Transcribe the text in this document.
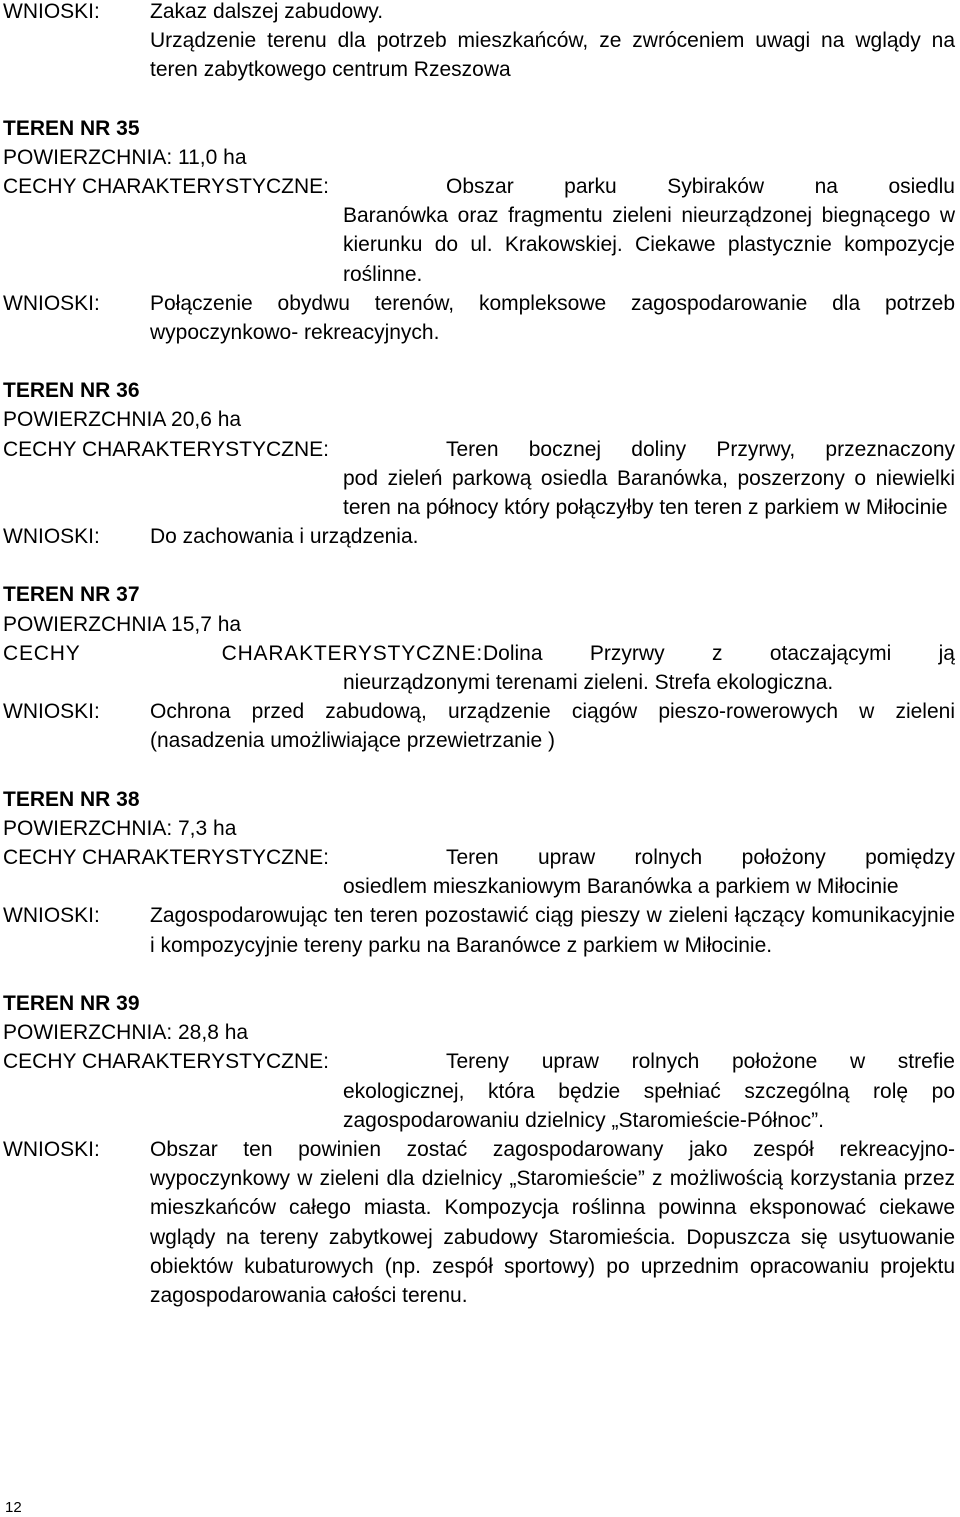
WNIOSKI:	Zakaz dalszej zabudowy.
Urządzenie terenu dla potrzeb mieszkańców, ze zwróceniem uwagi na wglądy na teren zabytkowego centrum Rzeszowa
TEREN NR 35
POWIERZCHNIA: 11,0 ha
CECHY CHARAKTERYSTYCZNE:	Obszar parku Sybiraków na osiedlu
Baranówka oraz fragmentu zieleni nieurządzonej biegnącego w kierunku do ul. Krakowskiej. Ciekawe plastycznie kompozycje roślinne.
WNIOSKI:	Połączenie obydwu terenów, kompleksowe zagospodarowanie dla potrzeb wypoczynkowo- rekreacyjnych.
TEREN NR 36
POWIERZCHNIA 20,6 ha
CECHY CHARAKTERYSTYCZNE:	Teren bocznej doliny Przyrwy, przeznaczony
pod zieleń parkową osiedla Baranówka, poszerzony o niewielki teren na północy który połączyłby ten teren z parkiem w Miłocinie
WNIOSKI:	Do zachowania i urządzenia.
TEREN NR 37
POWIERZCHNIA 15,7 ha
CECHY CHARAKTERYSTYCZNE: Dolina Przyrwy z otaczającymi ją
nieurządzonymi terenami zieleni. Strefa ekologiczna.
WNIOSKI:	Ochrona przed zabudową, urządzenie ciągów pieszo-rowerowych w zieleni (nasadzenia umożliwiające przewietrzanie )
TEREN NR 38
POWIERZCHNIA: 7,3 ha
CECHY CHARAKTERYSTYCZNE:	Teren upraw rolnych położony pomiędzy
osiedlem mieszkaniowym Baranówka a parkiem w Miłocinie
WNIOSKI:	Zagospodarowując ten teren pozostawić ciąg pieszy w zieleni łączący komunikacyjnie i kompozycyjnie tereny parku na Baranówce z parkiem w Miłocinie.
TEREN NR 39
POWIERZCHNIA: 28,8 ha
CECHY CHARAKTERYSTYCZNE:	Tereny upraw rolnych położone w strefie
ekologicznej, która będzie spełniać szczególną rolę po zagospodarowaniu dzielnicy „Staromieście-Północ”.
WNIOSKI:	Obszar ten powinien zostać zagospodarowany jako zespół rekreacyjno-wypoczynkowy w zieleni dla dzielnicy „Staromieście” z możliwością korzystania przez mieszkańców całego miasta. Kompozycja roślinna powinna eksponować ciekawe wglądy na tereny zabytkowej zabudowy Staromieścia. Dopuszcza się usytuowanie obiektów kubaturowych (np. zespół sportowy) po uprzednim opracowaniu projektu zagospodarowania całości terenu.
12
